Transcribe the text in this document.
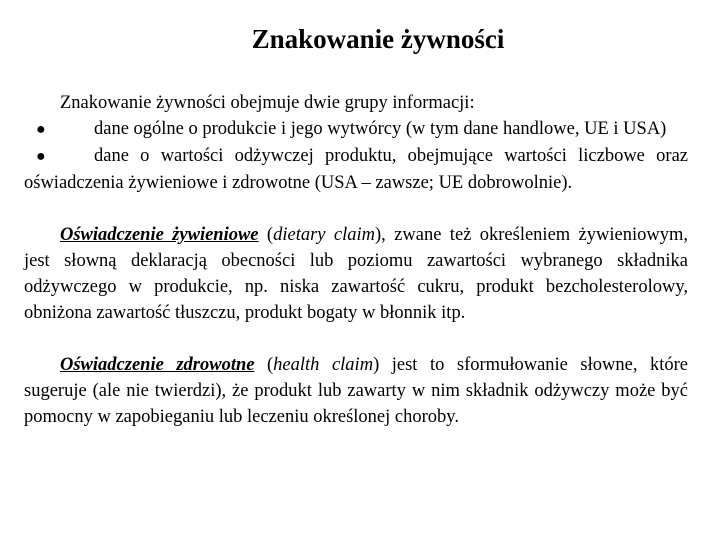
Znakowanie żywności

Znakowanie żywności obejmuje dwie grupy informacji:

●	dane ogólne o produkcie i jego wytwórcy (w tym dane handlowe, UE i USA)

●	dane o wartości odżywczej produktu, obejmujące wartości liczbowe oraz oświadczenia żywieniowe i zdrowotne (USA – zawsze; UE dobrowolnie).

Oświadczenie żywieniowe (dietary claim), zwane też określeniem żywieniowym, jest słowną deklaracją obecności lub poziomu zawartości wybranego składnika odżywczego w produkcie, np. niska zawartość cukru, produkt bezcholesterolowy, obniżona zawartość tłuszczu, produkt bogaty w błonnik itp.

Oświadczenie zdrowotne (health claim) jest to sformułowanie słowne, które sugeruje (ale nie twierdzi), że produkt lub zawarty w nim składnik odżywczy może być pomocny w zapobieganiu lub leczeniu określonej choroby.
